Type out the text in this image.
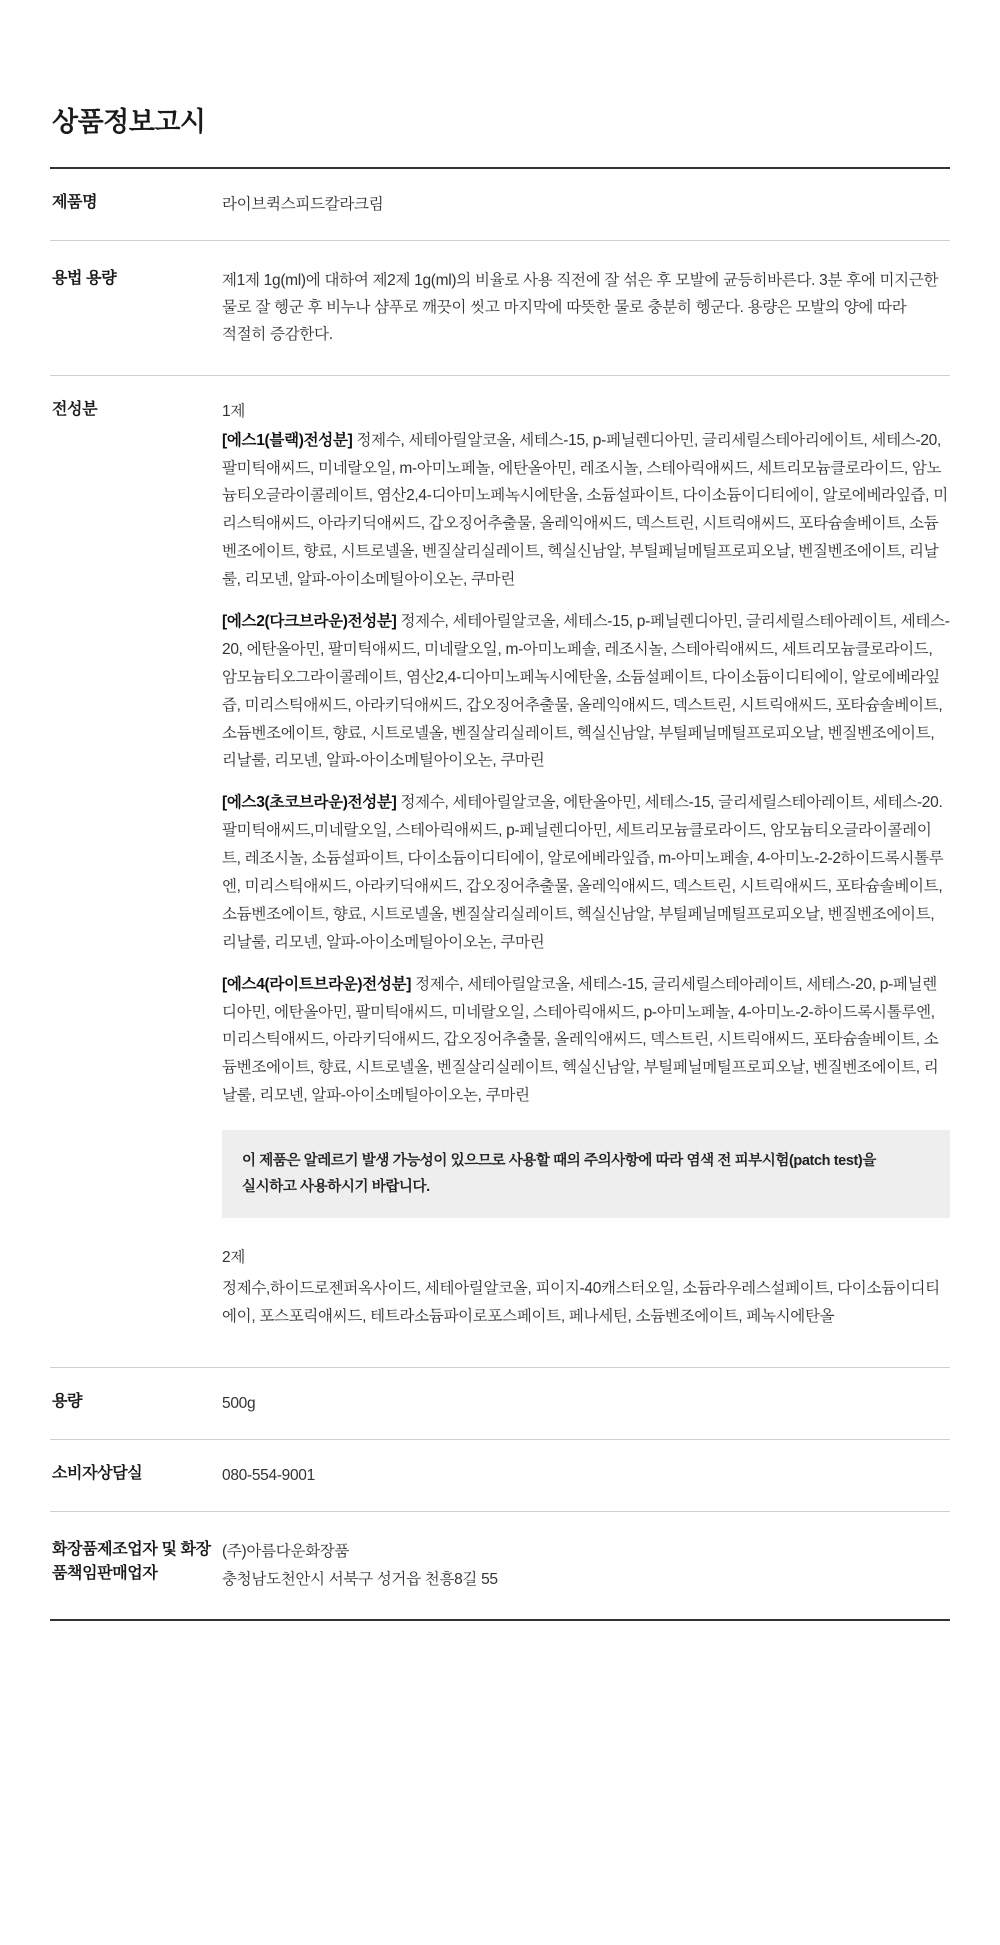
상품정보고시
제품명	라이브퀵스피드칼라크림
용법 용량	제1제 1g(ml)에 대하여 제2제 1g(ml)의 비율로 사용 직전에 잘 섞은 후 모발에 균등히바른다. 3분 후에 미지근한 물로 잘 헹군 후 비누나 샴푸로 깨끗이 씻고 마지막에 따뜻한 물로 충분히 헹군다. 용량은 모발의 양에 따라 적절히 증감한다.
전성분	1제

[에스1(블랙)전성분] 정제수, 세테아릴알코올, 세테스-15, p-페닐렌디아민, 글리세릴스테아리에이트, 세테스-20, 팔미틱애씨드, 미네랄오일, m-아미노페놀, 에탄올아민, 레조시놀, 스테아릭애씨드, 세트리모늄클로라이드, 암노늄티오글라이콜레이트, 염산2,4-디아미노페녹시에탄올, 소듐설파이트, 다이소듐이디티에이, 알로에베라잎즙, 미리스틱애씨드, 아라키딕애씨드, 갑오징어추출물, 올레익애씨드, 덱스트린, 시트릭애씨드, 포타슘솔베이트, 소듐벤조에이트, 향료, 시트로넬올, 벤질살리실레이트, 헥실신남알, 부틸페닐메틸프로피오날, 벤질벤조에이트, 리날룰, 리모넨, 알파-아이소메틸아이오논, 쿠마린

[에스2(다크브라운)전성분] 정제수, 세테아릴알코올, 세테스-15, p-페닐렌디아민, 글리세릴스테아레이트, 세테스-20, 에탄올아민, 팔미틱애씨드, 미네랄오일, m-아미노페솔, 레조시놀, 스테아릭애씨드, 세트리모늄클로라이드, 암모늄티오그라이콜레이트, 염산2,4-디아미노페녹시에탄올, 소듐설페이트, 다이소듐이디티에이, 알로에베라잎즙, 미리스틱애씨드, 아라키딕애씨드, 갑오징어추출물, 올레익애씨드, 덱스트린, 시트릭애씨드, 포타슘솔베이트, 소듐벤조에이트, 향료, 시트로넬올, 벤질살리실레이트, 헥실신남알, 부틸페닐메틸프로피오날, 벤질벤조에이트, 리날룰, 리모넨, 알파-아이소메틸아이오논, 쿠마린

[에스3(초코브라운)전성분] 정제수, 세테아릴알코올, 에탄올아민, 세테스-15, 글리세릴스테아레이트, 세테스-20. 팔미틱애씨드,미네랄오일, 스테아릭애씨드, p-페닐렌디아민, 세트리모늄클로라이드, 암모늄티오글라이콜레이트, 레조시놀, 소듐설파이트, 다이소듐이디티에이, 알로에베라잎즙, m-아미노페솔, 4-아미노-2-2하이드록시톨루엔, 미리스틱애씨드, 아라키딕애씨드, 갑오징어추출물, 올레익애씨드, 덱스트린, 시트릭애씨드, 포타슘솔베이트, 소듐벤조에이트, 향료, 시트로넬올, 벤질살리실레이트, 헥실신남알, 부틸페닐메틸프로피오날, 벤질벤조에이트, 리날룰, 리모넨, 알파-아이소메틸아이오논, 쿠마린

[에스4(라이트브라운)전성분] 정제수, 세테아릴알코올, 세테스-15, 글리세릴스테아레이트, 세테스-20, p-페닐렌디아민, 에탄올아민, 팔미틱애씨드, 미네랄오일, 스테아릭애씨드, p-아미노페놀, 4-아미노-2-하이드록시톨루엔, 미리스틱애씨드, 아라키딕애씨드, 갑오징어추출물, 올레익애씨드, 덱스트린, 시트릭애씨드, 포타슘솔베이트, 소듐벤조에이트, 향료, 시트로넬올, 벤질살리실레이트, 헥실신남알, 부틸페닐메틸프로피오날, 벤질벤조에이트, 리날룰, 리모넨, 알파-아이소메틸아이오논, 쿠마린

이 제품은 알레르기 발생 가능성이 있으므로 사용할 때의 주의사항에 따라 염색 전 피부시험(patch test)을 실시하고 사용하시기 바랍니다.
2제

정제수,하이드로젠퍼옥사이드, 세테아릴알코올, 피이지-40캐스터오일, 소듐라우레스설페이트, 다이소듐이디티에이, 포스포릭애씨드, 테트라소듐파이로포스페이트, 페나세틴, 소듐벤조에이트, 페녹시에탄올

용량	500g
소비자상담실	080-554-9001
화장품제조업자 및 화장품책임판매업자	(주)아름다운화장품
충청남도천안시 서북구 성거읍 천흥8길 55
